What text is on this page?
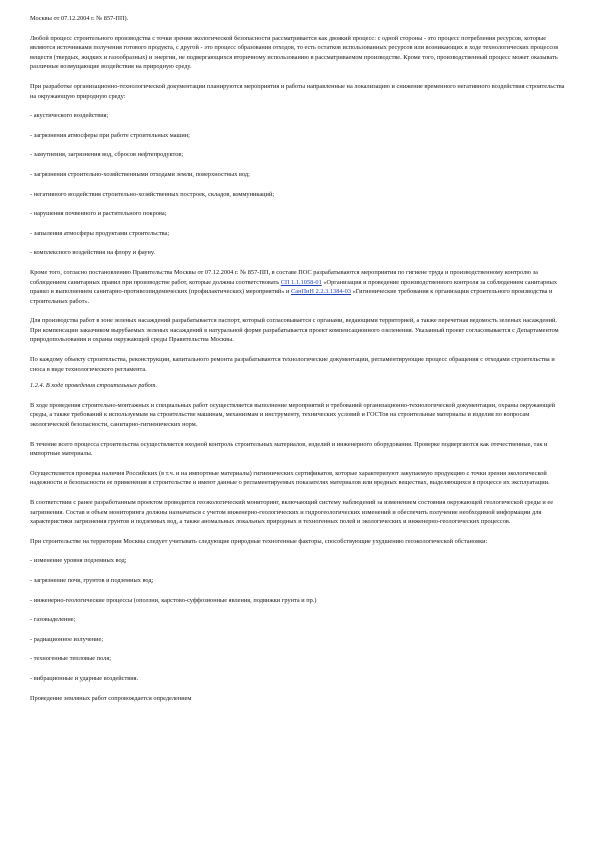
Москвы от 07.12.2004 г. № 857-ПП).

Любой процесс строительного производства с точки зрения экологической безопасности рассматривается как двоякий процесс: с одной стороны - это процесс потребления ресурсов, которые являются источниками получения готового продукта, с другой - это процесс образования отходов, то есть остатков использованных ресурсов или возникающих в ходе технологических процессов веществ (твердых, жидких и газообразных) и энергии, не подвергающихся вторичному использованию в рассматриваемом производстве. Кроме того, производственный процесс может оказывать различные возмущающие воздействия на природную среду.

При разработке организационно-технологической документации планируются мероприятия и работы направленные на локализацию и снижение временного негативного воздействия строительства на окружающую природную среду:

- акустического воздействия;

- загрязнения атмосферы при работе строительных машин;

- замутнения, загрязнения вод, сбросов нефтепродуктов;

- загрязнения строительно-хозяйственными отходами земли, поверхностных вод;

- негативного воздействия строительно-хозяйственных построек, складов, коммуникаций;

- нарушения почвенного и растительного покрова;

- запыления атмосферы продуктами строительства;

- комплексного воздействия на флору и фауну.

Кроме того, согласно постановлению Правительства Москвы от 07.12.2004 г. № 857-ПП, в составе ПОС разрабатываются мероприятия по гигиене труда и производственному контролю за соблюдением санитарных правил при производстве работ, которые должны соответствовать СП 1.1.1058-01 «Организация и проведение производственного контроля за соблюдением санитарных правил и выполнением санитарно-противоэпидемических (профилактических) мероприятий» и СанПиН 2.2.3.1384-03 «Гигиенические требования к организации строительного производства и строительных работ».

Для производства работ в зоне зеленых насаждений разрабатывается паспорт, который согласовывается с органами, ведающими территорией, а также перечетная ведомость зеленых насаждений. При компенсации заказчиком вырубаемых зеленых насаждений в натуральной форме разрабатывается проект компенсационного озеленения. Указанный проект согласовывается с Департаментом природопользования и охраны окружающей среды Правительства Москвы.

По каждому объекту строительства, реконструкции, капитального ремонта разрабатываются технологические документации, регламентирующие процесс обращения с отходами строительства и сноса в виде технологического регламента.

1.2.4. В ходе проведения строительных работ.

В ходе проведения строительно-монтажных и специальных работ осуществляется выполнение мероприятий и требований организационно-технологической документации, охраны окружающей среды, а также требований к используемым на строительстве машинам, механизмам и инструменту, технических условий и ГОСТов на строительные материалы и изделия по вопросам экологической безопасности, санитарно-гигиенических норм.

В течение всего процесса строительства осуществляется входной контроль строительных материалов, изделий и инженерного оборудования. Проверке подвергаются как отечественные, так и импортные материалы.

Осуществляется проверка наличия Российских (в т.ч. и на импортные материалы) гигиенических сертификатов, которые характеризуют закупаемую продукцию с точки зрения экологической надежности и безопасности ее применения в строительстве и имеют данные о регламентируемых показателях материалов или вредных веществах, выделяющихся в процессе их эксплуатации.

В соответствии с ранее разработанным проектом проводится геоэкологический мониторинг, включающий систему наблюдений за изменением состояния окружающей геологической среды и ее загрязнения. Состав и объем мониторинга должны назначаться с учетом инженерно-геологических и гидрогеологических изменений и обеспечить получение необходимой информации для характеристики загрязнения грунтов и подземных вод, а также аномальных локальных природных и техногенных полей и экологических и инженерно-геологических процессов.

При строительстве на территории Москвы следует учитывать следующие природные техногенные факторы, способствующие ухудшению геоэкологической обстановки:

- изменение уровня подземных вод;

- загрязнение почв, грунтов и подземных вод;

- инженерно-геологические процессы (оползни, карстово-суффозионные явления, подвижки грунта и пр.)

- газовыделение;

- радиационное излучение;

- техногенные тепловые поля;

- вибрационные и ударные воздействия.

Проведение земляных работ сопровождается определением
